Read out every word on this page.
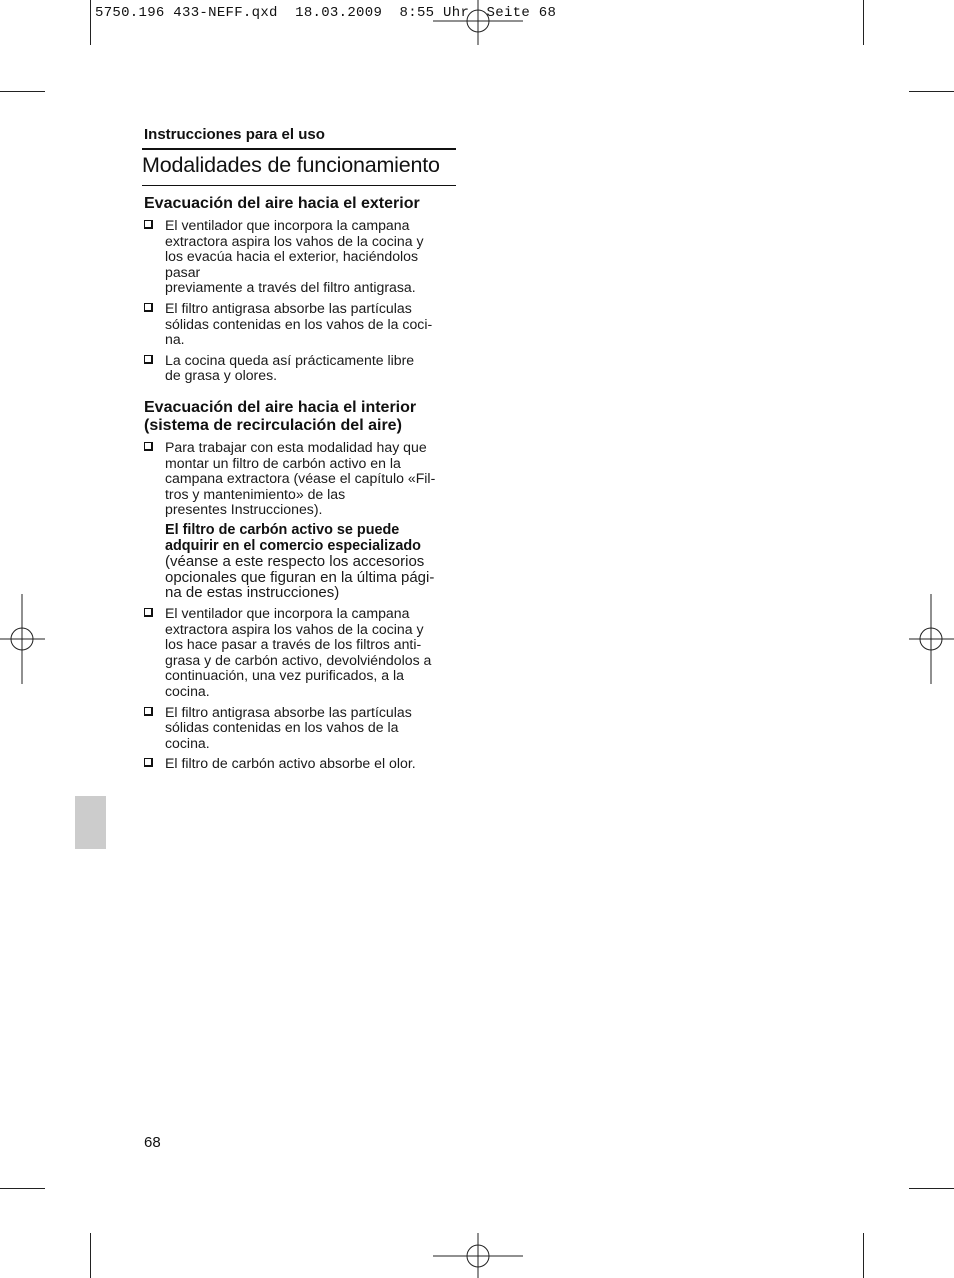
5750.196 433-NEFF.qxd  18.03.2009  8:55 Uhr  Seite 68
Instrucciones para el uso
Modalidades de funcionamiento
Evacuación del aire hacia el exterior
El ventilador que incorpora la campana
extractora aspira los vahos de la cocina y
los evacúa hacia el exterior, haciéndolos
pasar
previamente a través del filtro antigrasa.
El filtro antigrasa absorbe las partículas
sólidas contenidas en los vahos de la coci-
na.
La cocina queda así prácticamente libre
de grasa y olores.
Evacuación del aire hacia el interior
(sistema de recirculación del aire)
Para trabajar con esta modalidad hay que
montar un filtro de carbón activo en la
campana extractora (véase el capítulo «Fil-
tros y mantenimiento» de las
presentes Instrucciones).
El filtro de carbón activo se puede
adquirir en el comercio especializado
(véanse a este respecto los accesorios
opcionales que figuran en la última pági-
na de estas instrucciones)
El ventilador que incorpora la campana
extractora aspira los vahos de la cocina y
los hace pasar a través de los filtros anti-
grasa y de carbón activo, devolviéndolos a
continuación, una vez purificados, a la
cocina.
El filtro antigrasa absorbe las partículas
sólidas contenidas en los vahos de la
cocina.
El filtro de carbón activo absorbe el olor.
68
